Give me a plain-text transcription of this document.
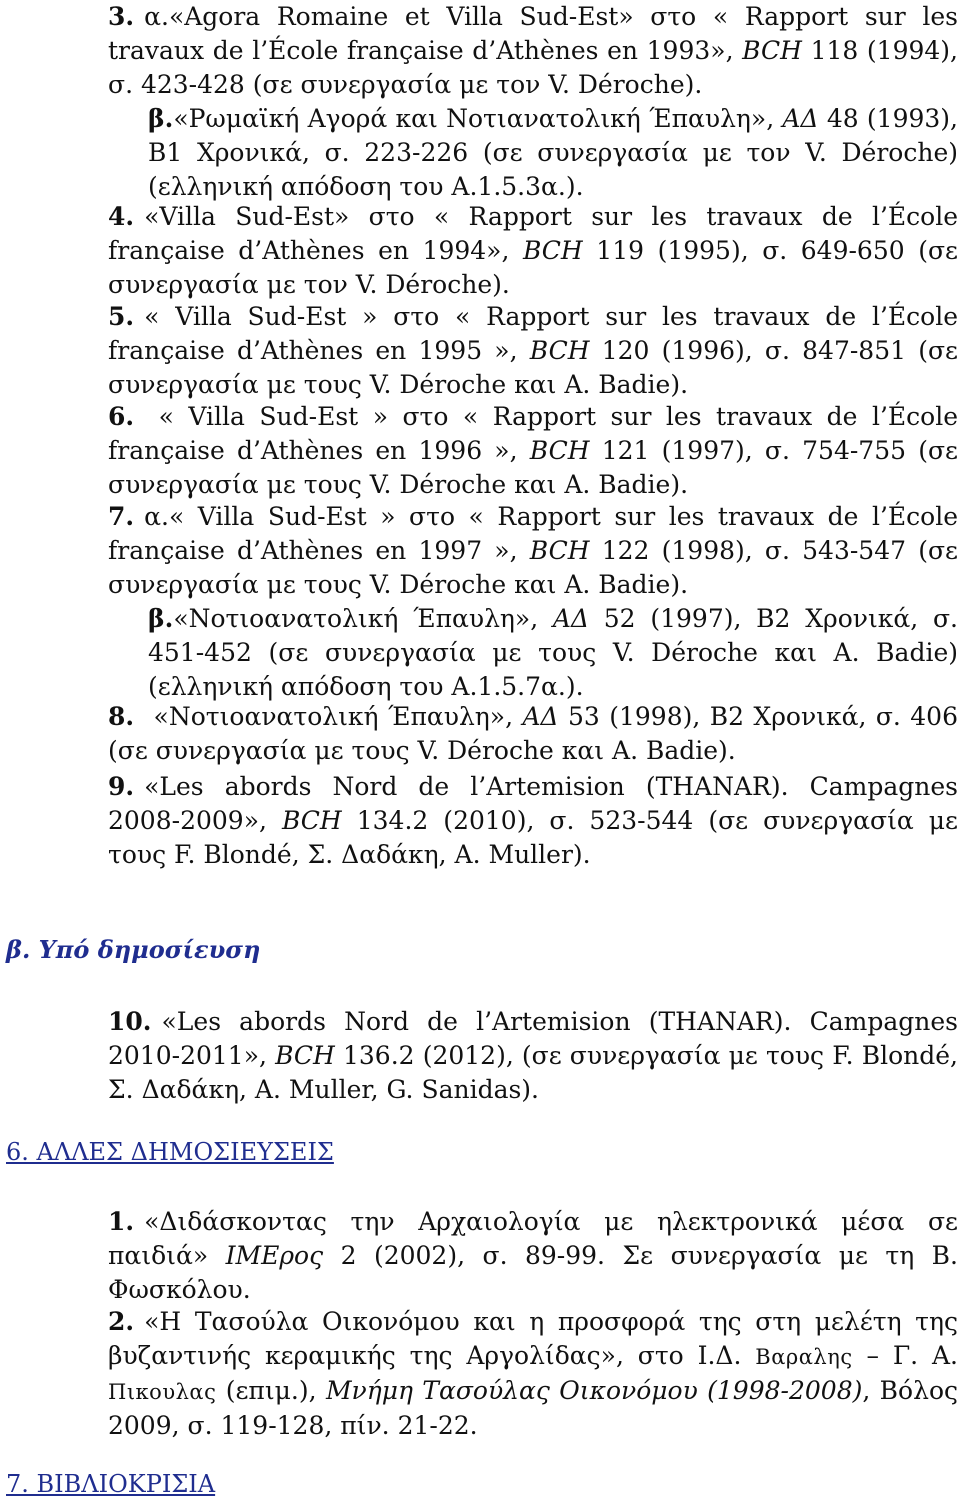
3. α.«Agora Romaine et Villa Sud-Est» στο « Rapport sur les travaux de l’École française d’Athènes en 1993», BCH 118 (1994), σ. 423-428 (σε συνεργασία με τον V. Déroche).
β.«Ρωμαϊκή Αγορά και Νοτιανατολική Έπαυλη», ΑΔ 48 (1993), Β1 Χρονικά, σ. 223-226 (σε συνεργασία με τον V. Déroche) (ελληνική απόδοση του Α.1.5.3α.).

4. «Villa Sud-Est» στο « Rapport sur les travaux de l’École française d’Athènes en 1994», BCH 119 (1995), σ. 649-650 (σε συνεργασία με τον V. Déroche).

5. « Villa Sud-Est » στο « Rapport sur les travaux de l’École française d’Athènes en 1995 », BCH 120 (1996), σ. 847-851 (σε συνεργασία με τους V. Déroche και A. Badie).

6. « Villa Sud-Est » στο « Rapport sur les travaux de l’École française d’Athènes en 1996 », BCH 121 (1997), σ. 754-755 (σε συνεργασία με τους V. Déroche και A. Badie).

7. α.« Villa Sud-Est » στο « Rapport sur les travaux de l’École française d’Athènes en 1997 », BCH 122 (1998), σ. 543-547 (σε συνεργασία με τους V. Déroche και A. Badie).
β.«Νοτιοανατολική Έπαυλη», ΑΔ 52 (1997), Β2 Χρονικά, σ. 451-452 (σε συνεργασία με τους V. Déroche και A. Badie) (ελληνική απόδοση του Α.1.5.7α.).

8. «Νοτιοανατολική Έπαυλη», ΑΔ 53 (1998), Β2 Χρονικά, σ. 406 (σε συνεργασία με τους V. Déroche και A. Badie).

9. «Les abords Nord de l’Artemision (THANAR). Campagnes 2008-2009», BCH 134.2 (2010), σ. 523-544 (σε συνεργασία με τους F. Blondé, Σ. Δαδάκη, A. Muller).

β. Υπό δημοσίευση

10. «Les abords Nord de l’Artemision (THANAR). Campagnes 2010-2011», BCH 136.2 (2012), (σε συνεργασία με τους F. Blondé, Σ. Δαδάκη, A. Muller, G. Sanidas).

6. ΑΛΛΕΣ ΔΗΜΟΣΙΕΥΣΕΙΣ

1. «Διδάσκοντας την Αρχαιολογία με ηλεκτρονικά μέσα σε παιδιά» ΙΜΕρος 2 (2002), σ. 89-99. Σε συνεργασία με τη Β. Φωσκόλου.

2. «Η Τασούλα Οικονόμου και η προσφορά της στη μελέτη της βυζαντινής κεραμικής της Αργολίδας», στο Ι.Δ. Βαραλης – Γ. Α. Πικουλας (επιμ.), Μνήμη Τασούλας Οικονόμου (1998-2008), Βόλος 2009, σ. 119-128, πίν. 21-22.

7. ΒΙΒΛΙΟΚΡΙΣΙΑ
